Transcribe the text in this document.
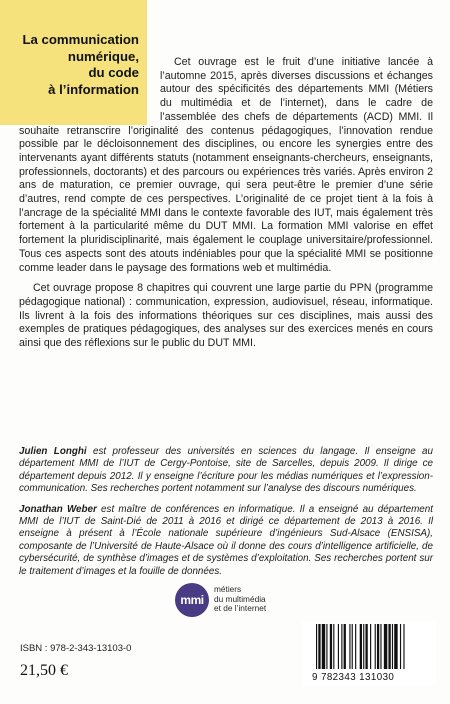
La communication
numérique,
du code
à l’information

Cet ouvrage est le fruit d’une initiative lancée à l’automne 2015, après diverses discussions et échanges autour des spécificités des départements MMI (Métiers du multimédia et de l’internet), dans le cadre de l’assemblée des chefs de départements (ACD) MMI. Il souhaite retranscrire l’originalité des contenus pédagogiques, l’innovation rendue possible par le décloisonnement des disciplines, ou encore les synergies entre des intervenants ayant différents statuts (notamment enseignants-chercheurs, enseignants, professionnels, doctorants) et des parcours ou expériences très variés. Après environ 2 ans de maturation, ce premier ouvrage, qui sera peut-être le premier d’une série d’autres, rend compte de ces perspectives. L’originalité de ce projet tient à la fois à l’ancrage de la spécialité MMI dans le contexte favorable des IUT, mais également très fortement à la particularité même du DUT MMI. La formation MMI valorise en effet fortement la pluridisciplinarité, mais également le couplage universitaire/professionnel. Tous ces aspects sont des atouts indéniables pour que la spécialité MMI se positionne comme leader dans le paysage des formations web et multimédia.

Cet ouvrage propose 8 chapitres qui couvrent une large partie du PPN (programme pédagogique national) : communication, expression, audiovisuel, réseau, informatique. Ils livrent à la fois des informations théoriques sur ces disciplines, mais aussi des exemples de pratiques pédagogiques, des analyses sur des exercices menés en cours ainsi que des réflexions sur le public du DUT MMI.

Julien Longhi est professeur des universités en sciences du langage. Il enseigne au département MMI de l’IUT de Cergy-Pontoise, site de Sarcelles, depuis 2009. Il dirige ce département depuis 2012. Il y enseigne l’écriture pour les médias numériques et l’expression-communication. Ses recherches portent notamment sur l’analyse des discours numériques.

Jonathan Weber est maître de conférences en informatique. Il a enseigné au département MMI de l’IUT de Saint-Dié de 2011 à 2016 et dirigé ce département de 2013 à 2016. Il enseigne à présent à l’École nationale supérieure d’ingénieurs Sud-Alsace (ENSISA), composante de l’Université de Haute-Alsace où il donne des cours d’intelligence artificielle, de cybersécurité, de synthèse d’images et de systèmes d’exploitation. Ses recherches portent sur le traitement d’images et la fouille de données.

mmi
métiers
du multimédia
et de l’internet
ISBN : 978-2-343-13103-0
21,50 €	9 782343 131030
